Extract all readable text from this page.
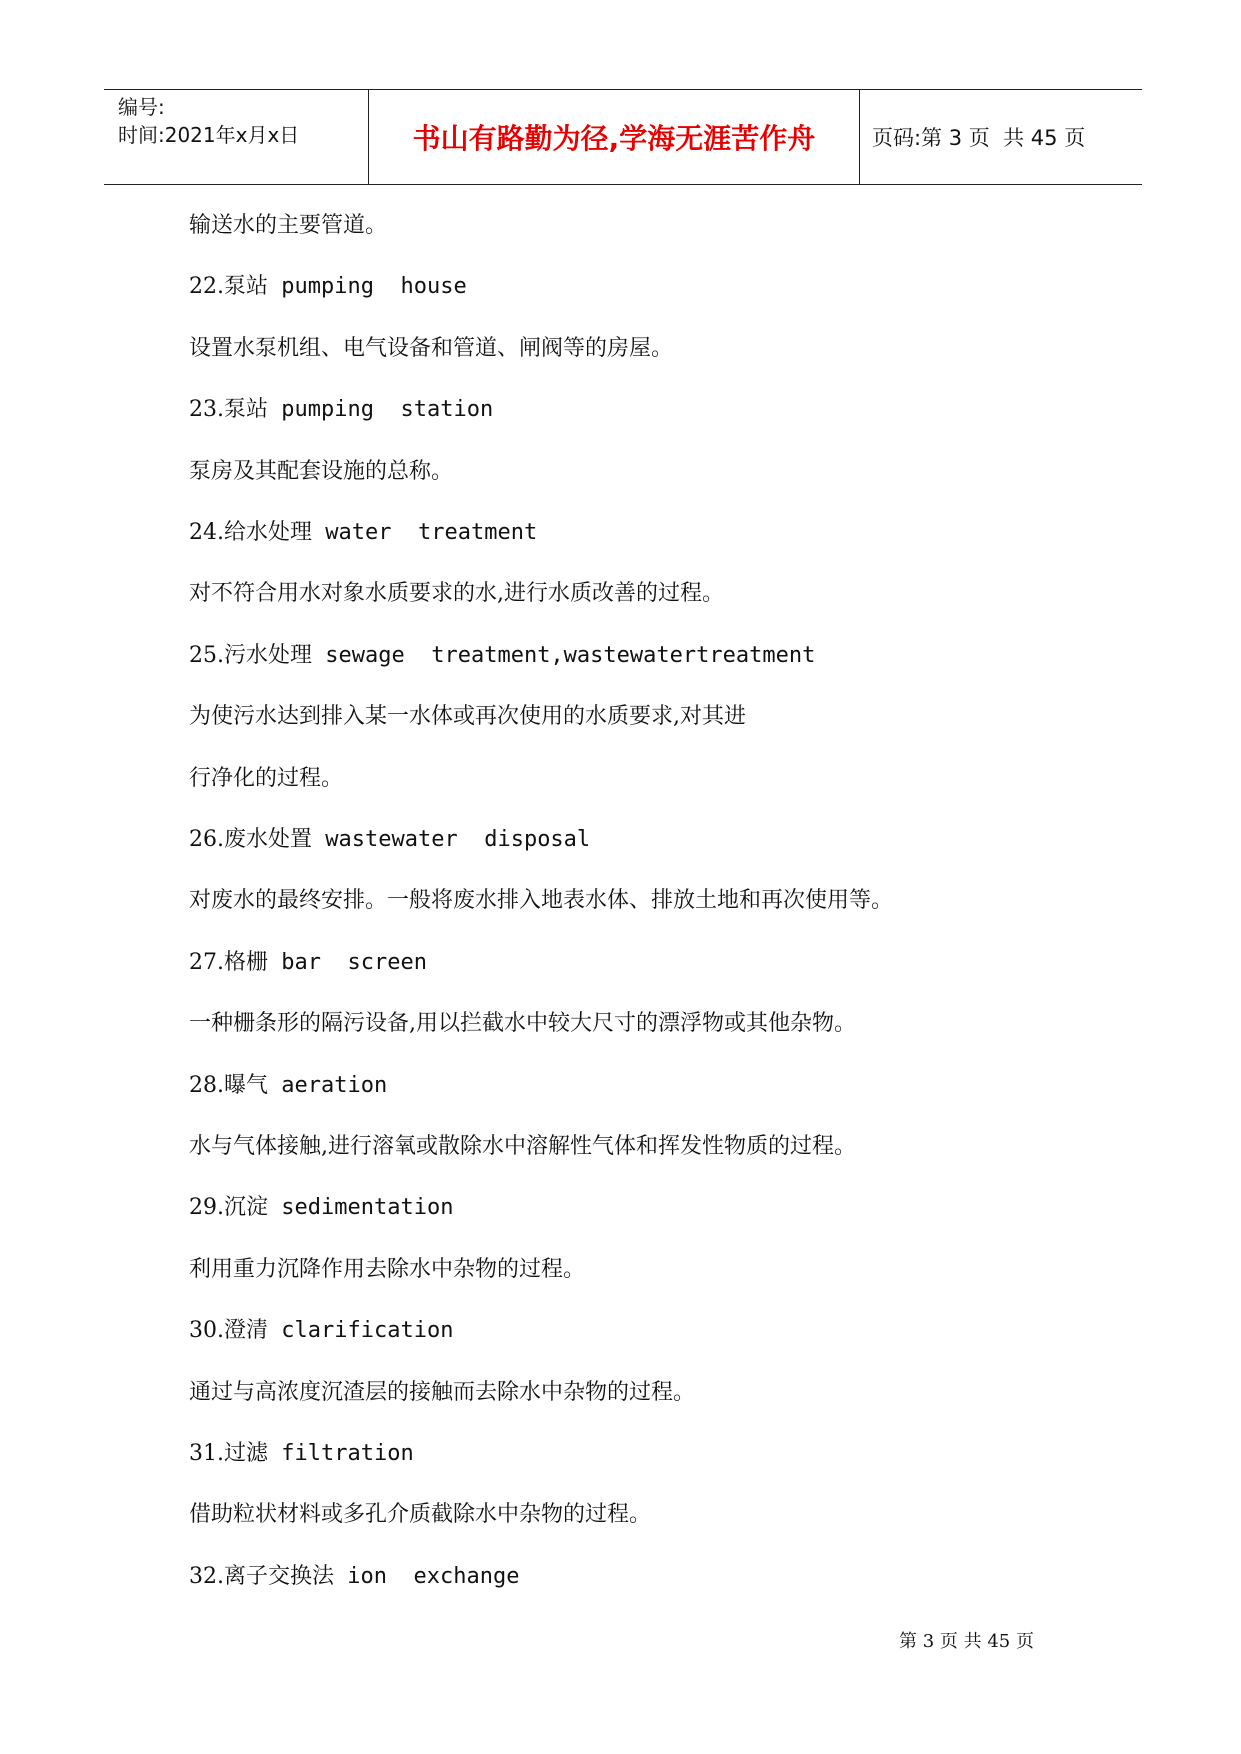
编号:
时间:2021年x月x日	书山有路勤为径,学海无涯苦作舟	页码:第 3 页  共 45 页
输送水的主要管道。
22.泵站 pumping  house
设置水泵机组、电气设备和管道、闸阀等的房屋。
23.泵站 pumping  station
泵房及其配套设施的总称。
24.给水处理 water  treatment
对不符合用水对象水质要求的水,进行水质改善的过程。
25.污水处理 sewage  treatment,wastewatertreatment
为使污水达到排入某一水体或再次使用的水质要求,对其进
行净化的过程。
26.废水处置 wastewater  disposal
对废水的最终安排。一般将废水排入地表水体、排放土地和再次使用等。
27.格栅 bar  screen
一种栅条形的隔污设备,用以拦截水中较大尺寸的漂浮物或其他杂物。
28.曝气 aeration
水与气体接触,进行溶氧或散除水中溶解性气体和挥发性物质的过程。
29.沉淀 sedimentation
利用重力沉降作用去除水中杂物的过程。
30.澄清 clarification
通过与高浓度沉渣层的接触而去除水中杂物的过程。
31.过滤 filtration
借助粒状材料或多孔介质截除水中杂物的过程。
32.离子交换法 ion  exchange
第 3 页 共 45 页
